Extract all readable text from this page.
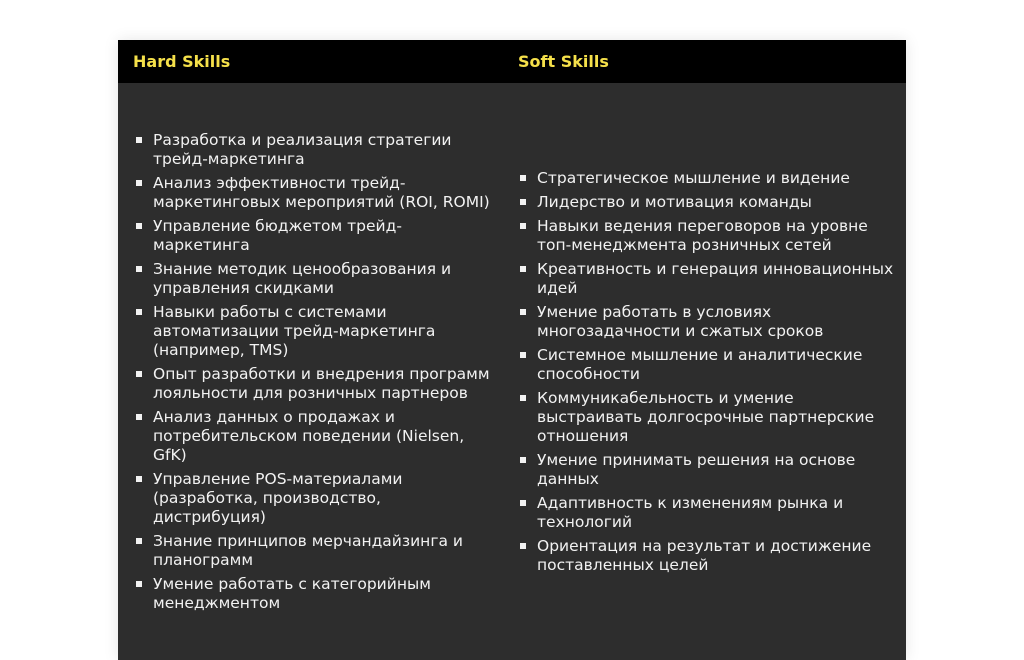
Hard Skills	Soft Skills
Разработка и реализация стратегии трейд-маркетинга
Анализ эффективности трейд-маркетинговых мероприятий (ROI, ROMI)
Управление бюджетом трейд-маркетинга
Знание методик ценообразования и управления скидками
Навыки работы с системами автоматизации трейд-маркетинга (например, TMS)
Опыт разработки и внедрения программ лояльности для розничных партнеров
Анализ данных о продажах и потребительском поведении (Nielsen, GfK)
Управление POS-материалами (разработка, производство, дистрибуция)
Знание принципов мерчандайзинга и планограмм
Умение работать с категорийным менеджментом
Стратегическое мышление и видение
Лидерство и мотивация команды
Навыки ведения переговоров на уровне топ-менеджмента розничных сетей
Креативность и генерация инновационных идей
Умение работать в условиях многозадачности и сжатых сроков
Системное мышление и аналитические способности
Коммуникабельность и умение выстраивать долгосрочные партнерские отношения
Умение принимать решения на основе данных
Адаптивность к изменениям рынка и технологий
Ориентация на результат и достижение поставленных целей
